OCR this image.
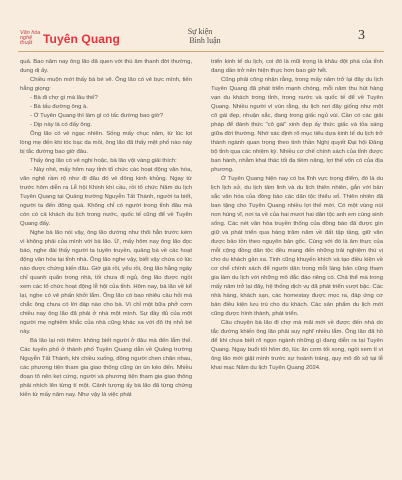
Văn hóa nghệ thuật Tuyên Quang
Sự kiện
Bình luận	3

quả. Bao năm nay ông lão đã quen với thú âm thanh đời thường, dung dị ấy.

Chiều muộn mới thấy bà bé vẽ. Ông lão có vẻ bực mình, tiến hẳng giọng:

- Bà đi chợ gì mà lâu thế?

- Bà tấu đường ông à.

- Ở Tuyên Quang thì làm gì có tấc đường bao giờ?

- Dịp này là có đấy ông.

Ông lão có vẻ ngạc nhiên. Sống mấy chục năm, từ lúc lọt lòng mẹ đến khi tóc bạc da mồi, ông lão đã thấy mệt phố nào này bị tắc đường bao giờ đâu.

Thấy ông lão có vẻ nghi hoặc, bà lão vội vàng giải thích:

- Này nhé, mấy hôm nay tỉnh tổ chức các hoạt động văn hóa, văn nghệ rầm rộ như đi đâu đó vẻ đông kinh khủng. Ngay từ trước hôm diễn ra Lễ hội Khinh khí cầu, rồi tổ chức Năm du lịch Tuyên Quang tại Quảng trường Nguyễn Tất Thành, người ta biết, người ta đến đông quá. Không chỉ có người trong tỉnh đâu mà còn có cả khách du lịch trong nước, quốc tế cũng để về Tuyên Quang đấy.

Nghe bà lão nói vậy, ông lão dường như thôi hẳn trước kém vì không phải của mình với bà lão. Ừ, mấy hôm nay ông lão đọc báo, nghe đài thấy người ta tuyên truyền, quảng bá về các hoạt động văn hóa tại tỉnh nhà. Ông lão nghe vậy, biết vậy chứa có lúc nào được chứng kiến đâu. Giờ già rồi, yếu rồi, ông lão hằng ngày chỉ quanh quẩn trong nhà, tối chưa đi ngủ, ông lão được ngồi xem các tổ chức hoạt động lễ hội của tỉnh. Hôm nay, bà lão về kể lại, nghe có vẻ phấn khởi lắm. Ông lão có bao nhiêu câu hỏi mà chắc ông chưa có lời đáp nào cho bà. Vì chỉ một bữa phở cơm chiều nay ông lão đã phải ở nhà một mình. Sự đầy đủ của một người mẹ nghiêm khắc của nhà cũng khác xa với đô thị nhỏ bé này.

Bà lão lại nói thêm: không biết người ở đâu mà đến lắm thế. Các tuyến phố ở thành phố Tuyên Quang dẫn về Quảng trường Nguyễn Tất Thành, khi chiều xuống, đông người chen chân nhau, các phương tiện tham gia giao thông cũng ùn ùn kéo đến. Nhiều đoạn tô nên kẹt cứng, người và phương tiện tham gia giao thông phải nhích lên từng tí một. Cảnh tượng ấy bà lão đã từng chứng kiến từ mấy năm nay. Như vậy là việc phát

triển kinh tế du lịch, coi đó là mũi trọng là khâu đột phá của tỉnh đang dần trở nên hiện thực hơn bao giờ hết.

Cũng phải công nhận rằng, trong mấy năm trở lại đây du lịch Tuyên Quang đã phát triển mạnh chóng, mỗi năm thu hút hàng vạn du khách trong tỉnh, trong nước và quốc tế để về Tuyên Quang. Nhiều người vì vùn rằng, du lịch nơi đây giống như một cô gái đẹp, nhuận sắc, đang trong giấc ngủ vùi. Cần có các giải pháp để đánh thức "cô gái" xinh đẹp ấy thức giấc và tỏa sáng giữa đời thường. Nhớ xác định rõ mục tiêu dựa kinh tế du lịch trở thành ngành quan trọng theo tinh thần Nghị quyết Đại hội Đảng bộ tỉnh qua các nhiệm kỳ. Nhiều cơ chế chính sách của tỉnh được ban hành, nhằm khai thác tối đa tiềm năng, lợi thế vốn có của địa phương.

Ở Tuyên Quang hiện nay có ba lĩnh vực trọng điểm, đó là du lịch lịch sử, du lịch tâm linh và du lịch thiên nhiên, gắn với bản sắc văn hóa của đồng bào các dân tộc thiểu số. Thiên nhiên đã ban tặng cho Tuyên Quang nhiều lợi thế mới. Có một vùng núi non hùng vĩ, nơi ta về của hai mươi hai dân tộc anh em cùng sinh sống. Các nét văn hóa truyền thống của đồng bào đã được gìn giữ và phát triển qua hàng trăm năm về đất tập tầng, giữ văn được bảo tồn theo nguyên bản gốc. Cùng với đó là âm thực của mỗi cộng đồng dân tộc đều mang đến những trải nghiệm thú vị cho du khách gần xa. Tinh cũng khuyến khích và tạo điều kiện về cơ chế chính sách để người dân trong mỗi làng bản cũng tham gia làm du lịch với những mô đắc đáo riêng có. Chả thể mà trong mấy năm trở lại đây, hệ thống dịch vụ đã phát triển vượt bậc. Các nhà hàng, khách sạn, các homestay được mọc ra, đáp ứng cơ bản điều kiện lưu trú cho du khách. Các sản phẩm du lịch mới cũng được hình thành, phát triển.

Câu chuyện bà lão đi chợ mà mãi mới về được đến nhà do tắc đường khiến ông lão phải suy nghĩ nhiều lắm. Ông lão đã hồ để khi chưa biết rõ ngọn ngành những gì đang diễn ra tại Tuyên Quang. Ngay buổi tối hôm đó, lúc ăn cơm tối xong, ngồi xem tí vi ông lão mới giật mình trước sự hoành tráng, quy mô đồ sộ tại lễ khai mạc Năm du lịch Tuyên Quang 2024.
